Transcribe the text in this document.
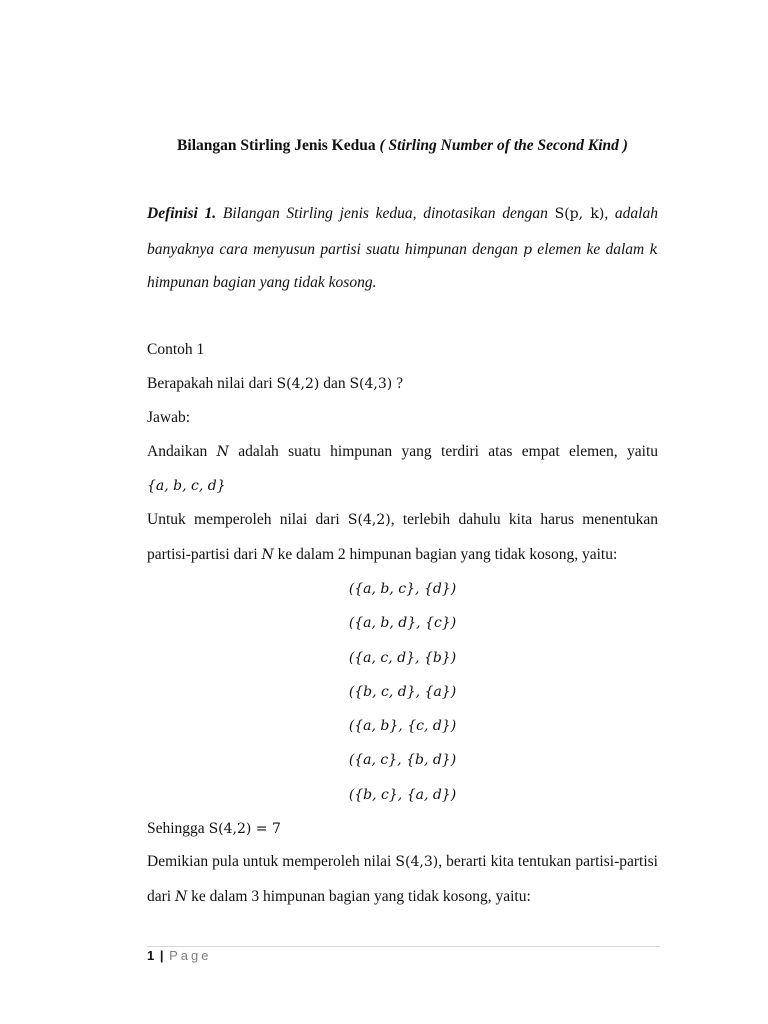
Bilangan Stirling Jenis Kedua ( Stirling Number of the Second Kind )
Definisi 1. Bilangan Stirling jenis kedua, dinotasikan dengan S(p, k), adalah
banyaknya cara menyusun partisi suatu himpunan dengan p elemen ke dalam k
himpunan bagian yang tidak kosong.
Contoh 1
Berapakah nilai dari S(4,2) dan S(4,3) ?
Jawab:
Andaikan N adalah suatu himpunan yang terdiri atas empat elemen, yaitu
{a, b, c, d}
Untuk memperoleh nilai dari S(4,2), terlebih dahulu kita harus menentukan
partisi-partisi dari N ke dalam 2 himpunan bagian yang tidak kosong, yaitu:
({a, b, c}, {d})
({a, b, d}, {c})
({a, c, d}, {b})
({b, c, d}, {a})
({a, b}, {c, d})
({a, c}, {b, d})
({b, c}, {a, d})
Sehingga S(4,2) = 7
Demikian pula untuk memperoleh nilai S(4,3), berarti kita tentukan partisi-partisi
dari N ke dalam 3 himpunan bagian yang tidak kosong, yaitu:
1 | Page
